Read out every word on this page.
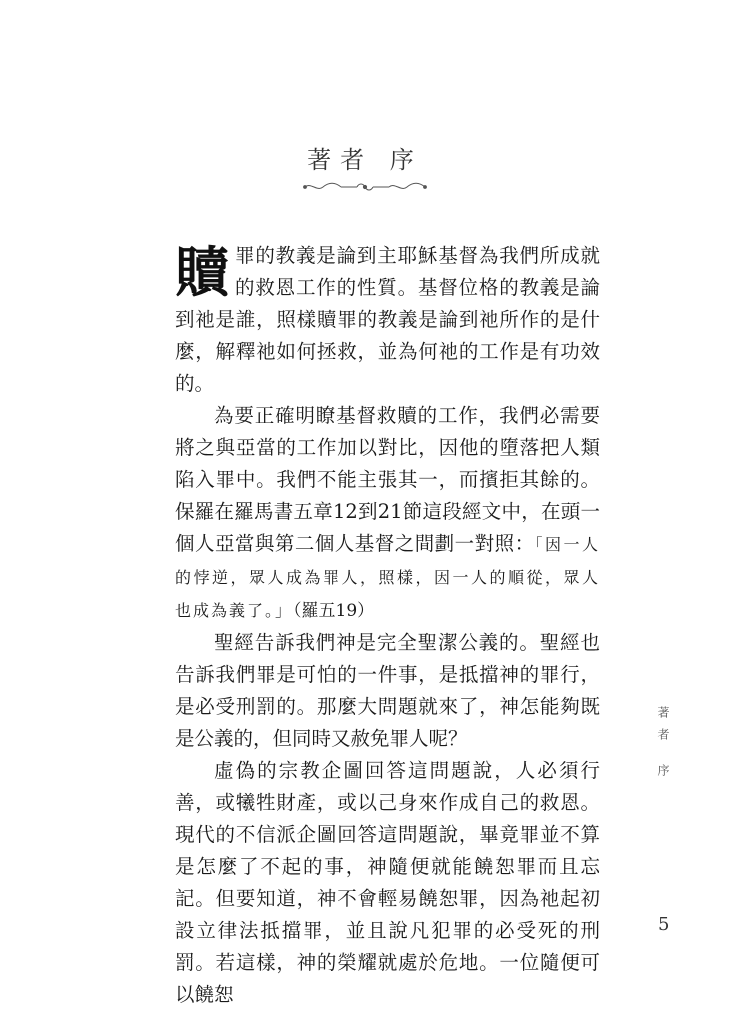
著者 序

贖罪的教義是論到主耶穌基督為我們所成就的救恩工作的性質。基督位格的教義是論到祂是誰，照樣贖罪的教義是論到祂所作的是什麼，解釋祂如何拯救，並為何祂的工作是有功效的。

為要正確明瞭基督救贖的工作，我們必需要將之與亞當的工作加以對比，因他的墮落把人類陷入罪中。我們不能主張其一，而擯拒其餘的。保羅在羅馬書五章12到21節這段經文中，在頭一個人亞當與第二個人基督之間劃一對照：「因一人的悖逆，眾人成為罪人，照樣，因一人的順從，眾人也成為義了。」（羅五19）

聖經告訴我們神是完全聖潔公義的。聖經也告訴我們罪是可怕的一件事，是抵擋神的罪行，是必受刑罰的。那麼大問題就來了，神怎能夠既是公義的，但同時又赦免罪人呢？

虛偽的宗教企圖回答這問題說，人必須行善，或犧牲財產，或以己身來作成自己的救恩。現代的不信派企圖回答這問題說，畢竟罪並不算是怎麼了不起的事，神隨便就能饒恕罪而且忘記。但要知道，神不會輕易饒恕罪，因為祂起初設立律法抵擋罪，並且說凡犯罪的必受死的刑罰。若這樣，神的榮耀就處於危地。一位隨便可以饒恕

著者 序
5
